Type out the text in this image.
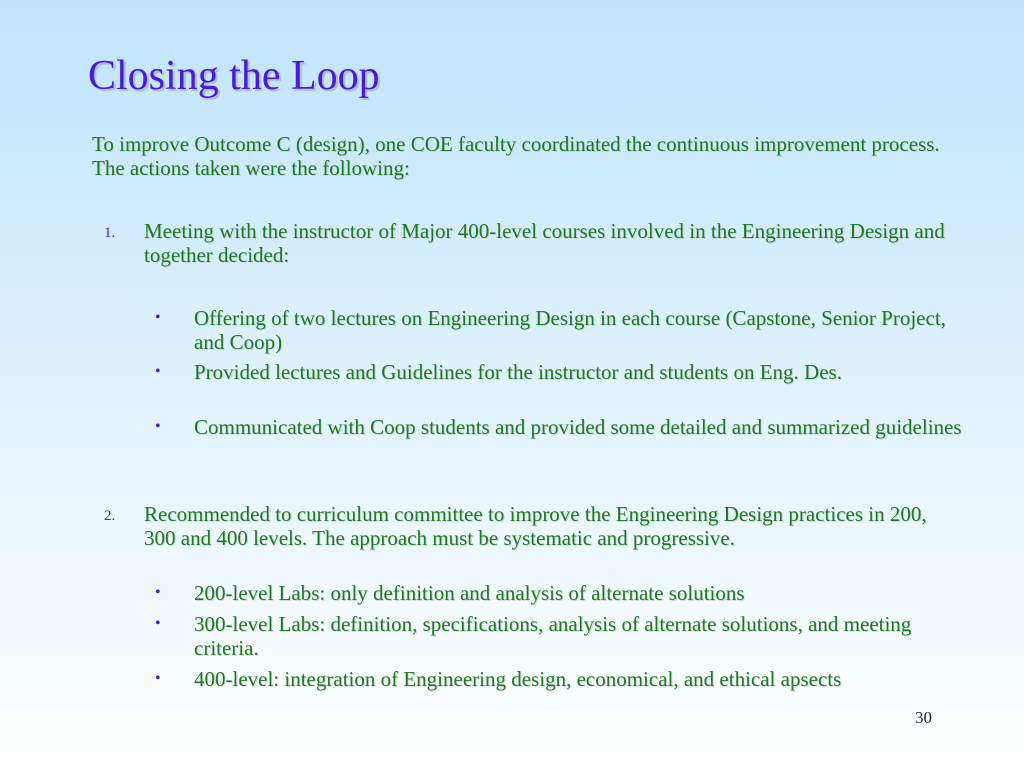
Closing the Loop
To improve Outcome C (design), one COE faculty coordinated the continuous improvement process. The actions taken were the following:
1. Meeting with the instructor of Major 400-level courses involved in the Engineering Design and together decided:
• Offering of two lectures on Engineering Design in each course (Capstone, Senior Project, and Coop)
• Provided lectures and Guidelines for the instructor and students on Eng. Des.
• Communicated with Coop students and provided some detailed and summarized guidelines
2. Recommended to curriculum committee to improve the Engineering Design practices in 200, 300 and 400 levels. The approach must be systematic and progressive.
• 200-level Labs: only definition and analysis of alternate solutions
• 300-level Labs: definition, specifications, analysis of alternate solutions, and meeting criteria.
• 400-level: integration of Engineering design, economical, and ethical apsects
30
